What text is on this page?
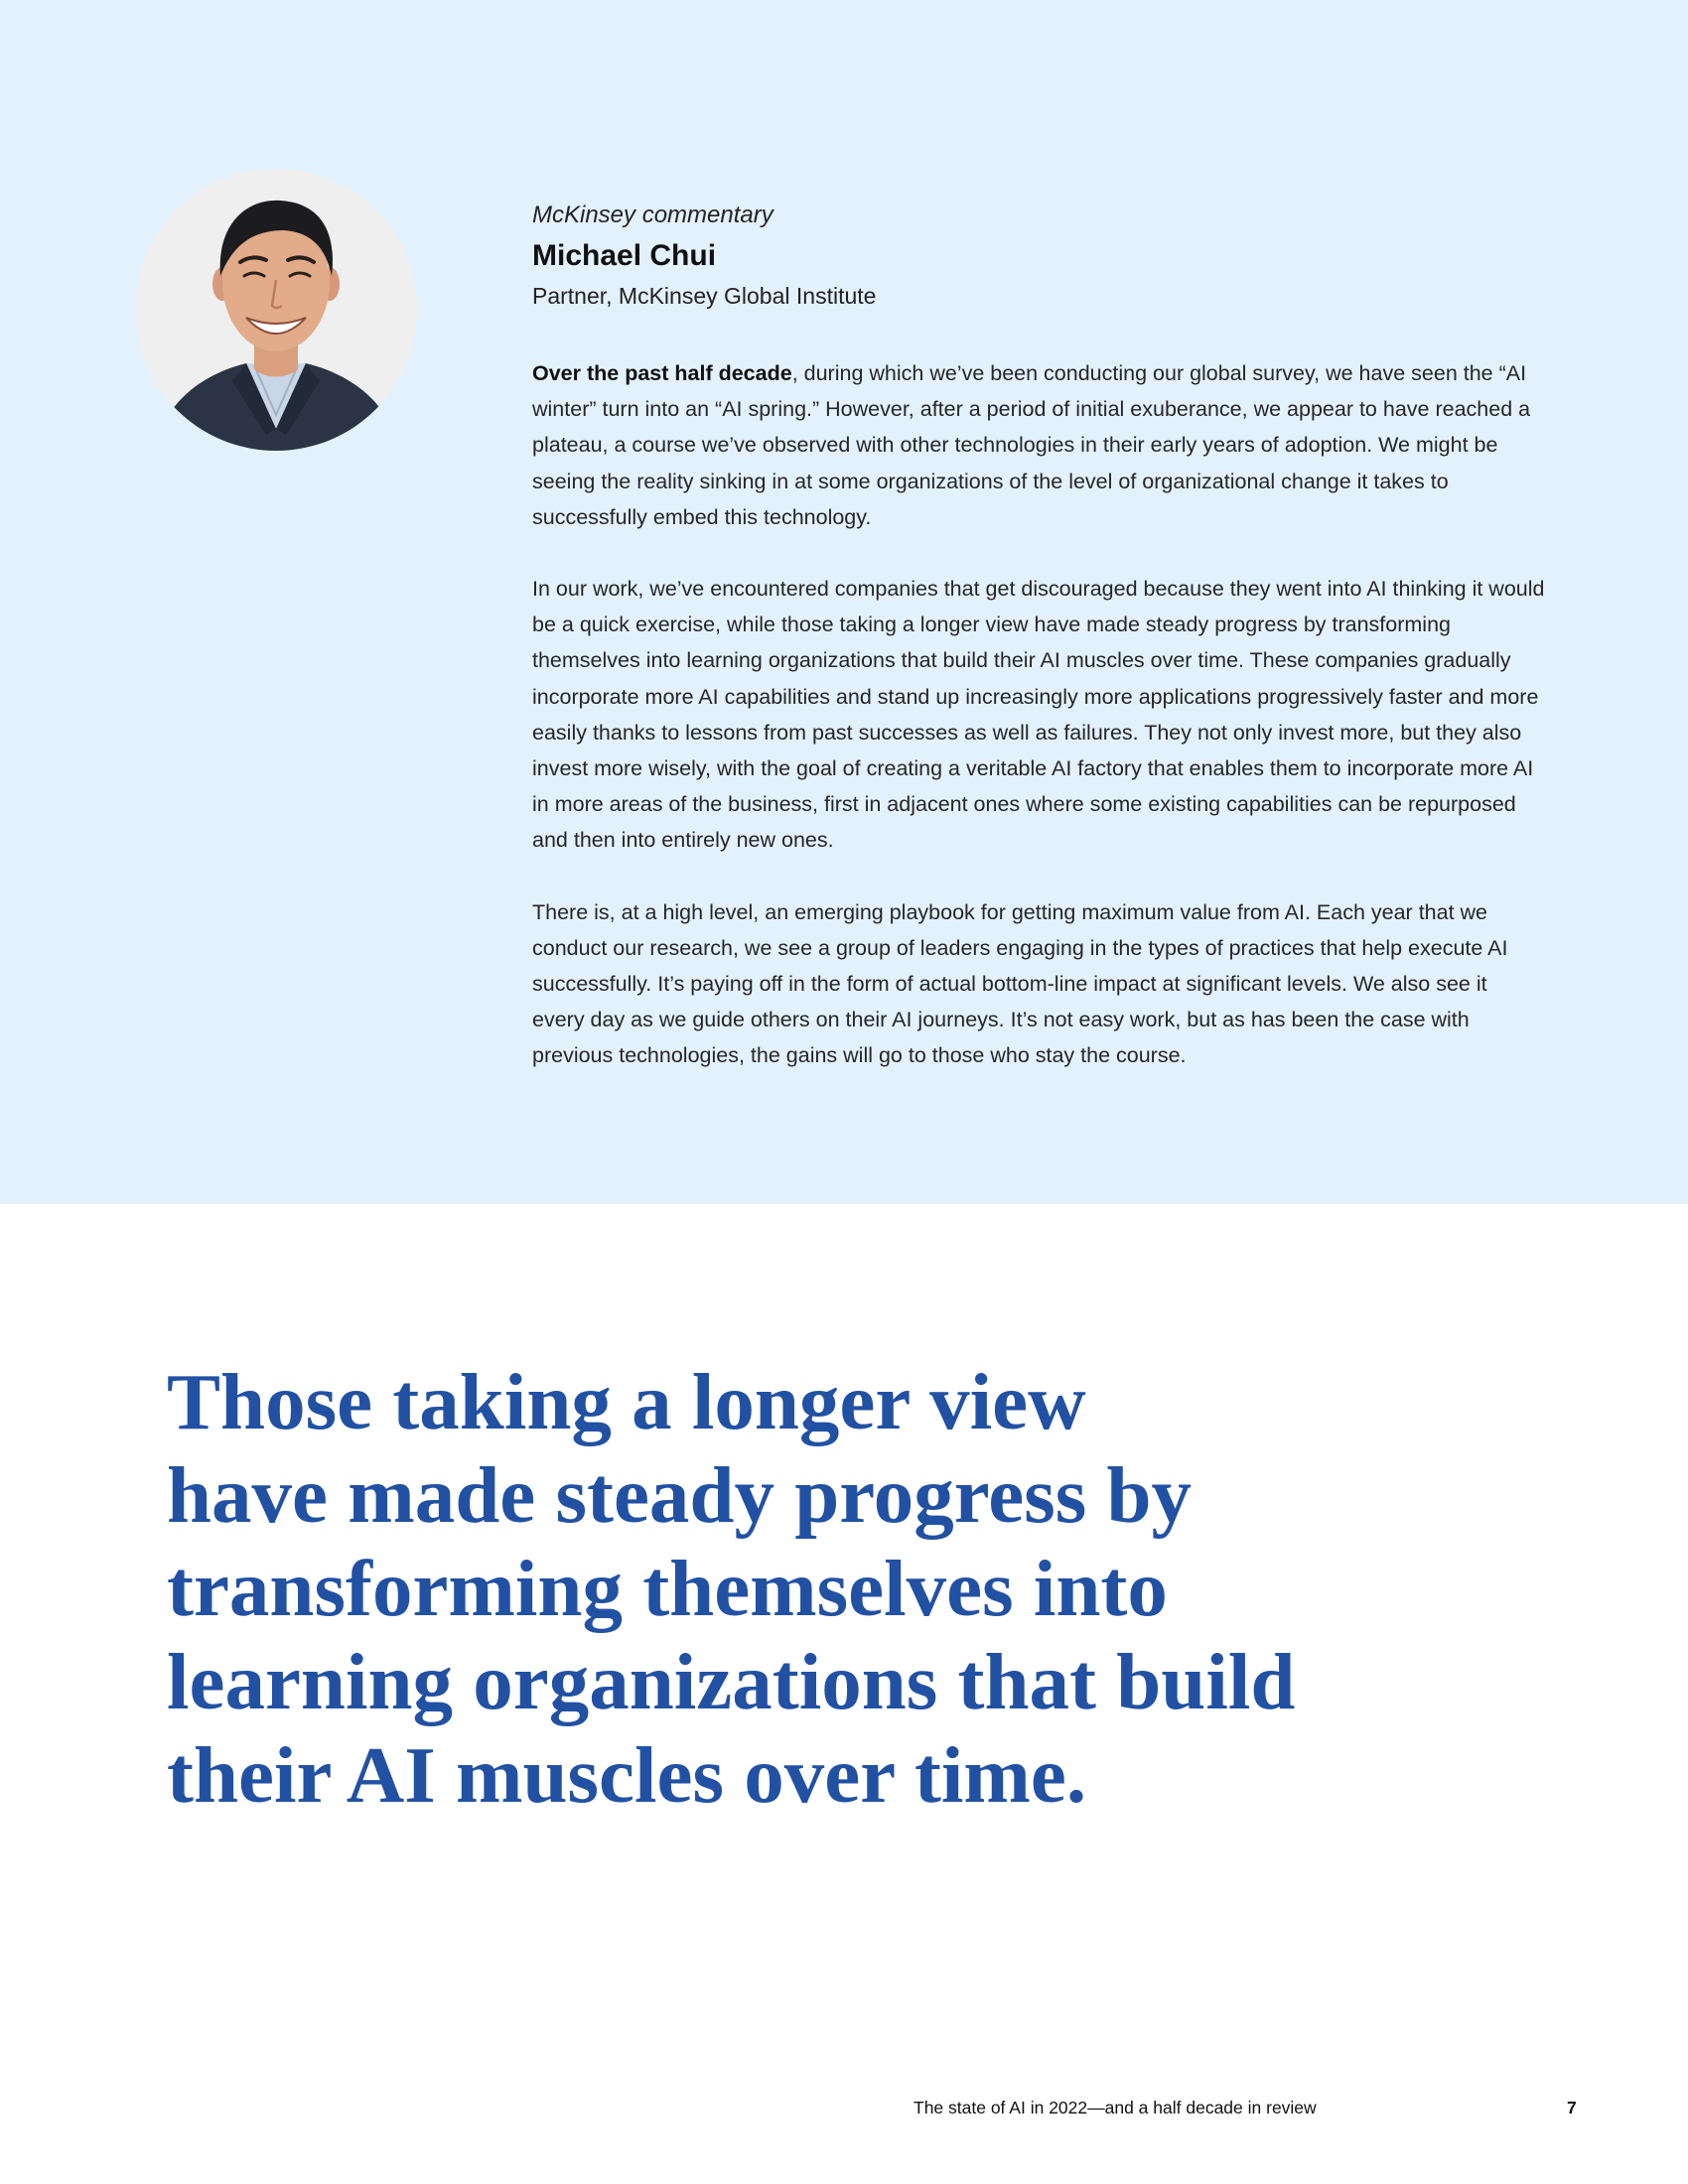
McKinsey commentary
Michael Chui
Partner, McKinsey Global Institute

Over the past half decade, during which we’ve been conducting our global survey, we have seen the “AI winter” turn into an “AI spring.” However, after a period of initial exuberance, we appear to have reached a plateau, a course we’ve observed with other technologies in their early years of adoption. We might be seeing the reality sinking in at some organizations of the level of organizational change it takes to successfully embed this technology.

In our work, we’ve encountered companies that get discouraged because they went into AI thinking it would be a quick exercise, while those taking a longer view have made steady progress by transforming themselves into learning organizations that build their AI muscles over time. These companies gradually incorporate more AI capabilities and stand up increasingly more applications progressively faster and more easily thanks to lessons from past successes as well as failures. They not only invest more, but they also invest more wisely, with the goal of creating a veritable AI factory that enables them to incorporate more AI in more areas of the business, first in adjacent ones where some existing capabilities can be repurposed and then into entirely new ones.

There is, at a high level, an emerging playbook for getting maximum value from AI. Each year that we conduct our research, we see a group of leaders engaging in the types of practices that help execute AI successfully. It’s paying off in the form of actual bottom-line impact at significant levels. We also see it every day as we guide others on their AI journeys. It’s not easy work, but as has been the case with previous technologies, the gains will go to those who stay the course.

Those taking a longer view
have made steady progress by
transforming themselves into
learning organizations that build
their AI muscles over time.
The state of AI in 2022—and a half decade in review	7
